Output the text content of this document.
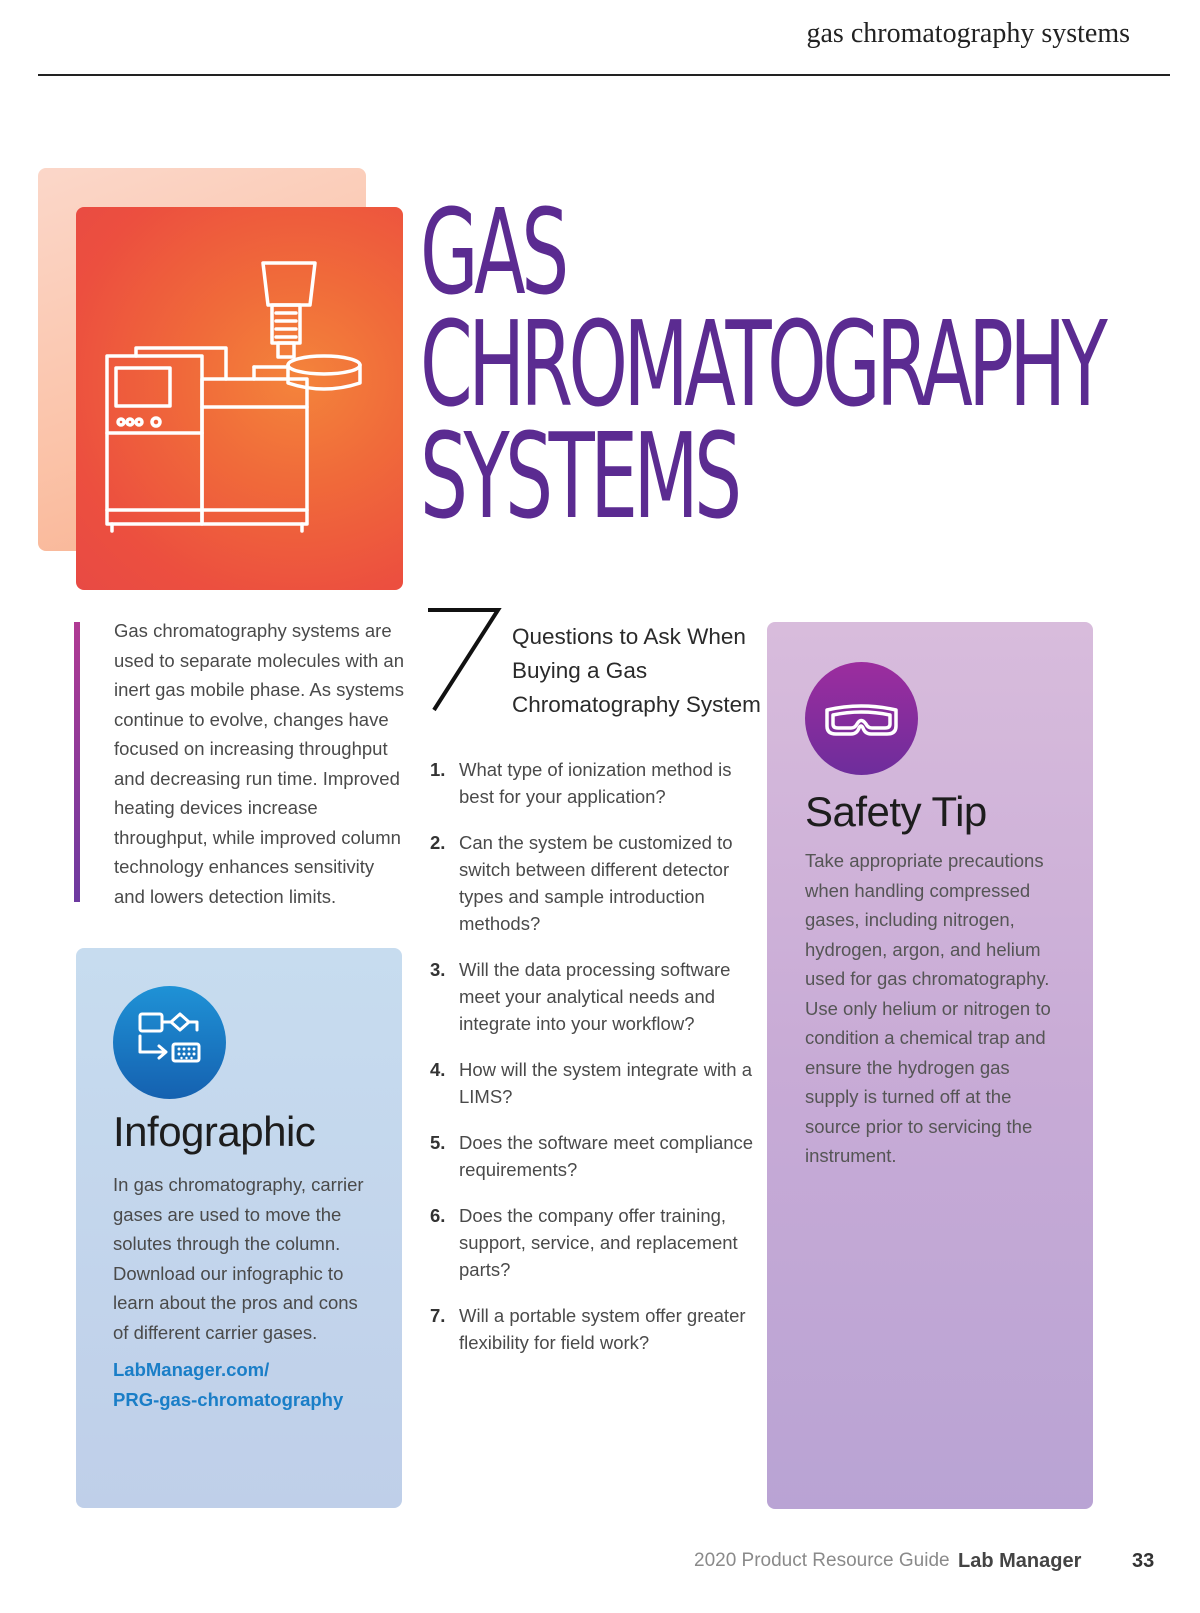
gas chromatography systems
GAS
CHROMATOGRAPHY
SYSTEMS

Gas chromatography systems are used to separate molecules with an inert gas mobile phase. As systems continue to evolve, changes have focused on increasing throughput and decreasing run time. Improved heating devices increase throughput, while improved column technology enhances sensitivity and lowers detection limits.

Questions to Ask When Buying a Gas Chromatography System
1. What type of ionization method is best for your application?
2. Can the system be customized to switch between different detector types and sample introduction methods?
3. Will the data processing software meet your analytical needs and integrate into your workflow?
4. How will the system integrate with a LIMS?
5. Does the software meet compliance requirements?
6. Does the company offer training, support, service, and replacement parts?
7. Will a portable system offer greater flexibility for field work?
Infographic

In gas chromatography, carrier gases are used to move the solutes through the column. Download our infographic to learn about the pros and cons of different carrier gases.

LabManager.com/
PRG-gas-chromatography
Safety Tip

Take appropriate precautions when handling compressed gases, including nitrogen, hydrogen, argon, and helium used for gas chromatography. Use only helium or nitrogen to condition a chemical trap and ensure the hydrogen gas supply is turned off at the source prior to servicing the instrument.

2020 Product Resource Guide Lab Manager	33
